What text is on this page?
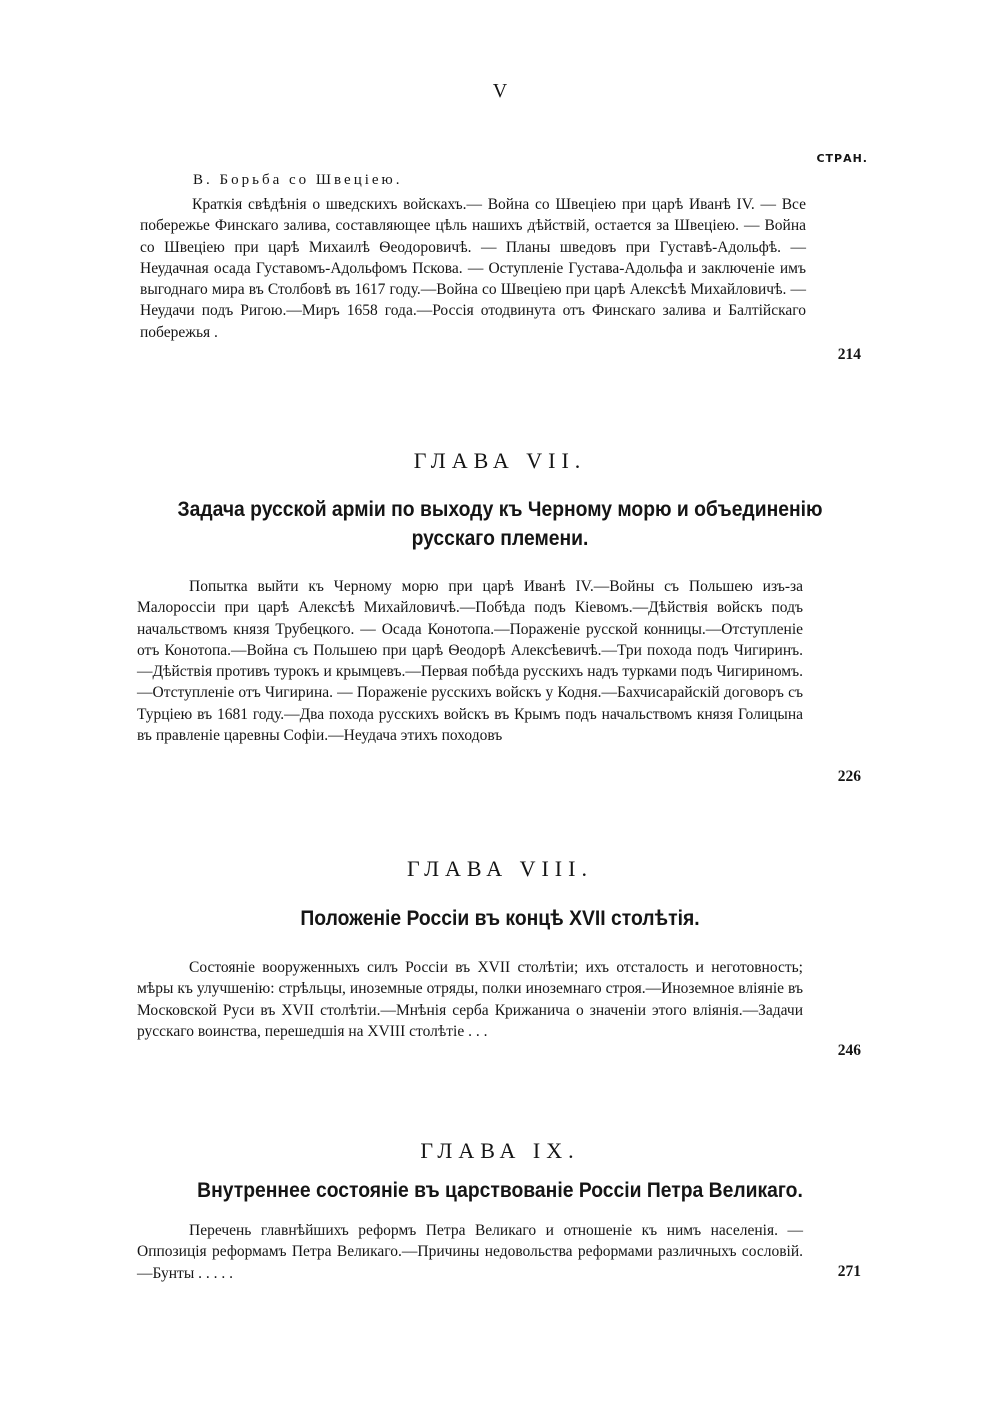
V
СТРАН.
В. Борьба со Швецiею.
Краткiя свѣдѣнiя о шведскихъ войскахъ.— Война со Швецiею при царѣ Иванѣ IV. — Все побережье Финскаго залива, составляющее цѣль нашихъ дѣйствiй, остается за Швецiею. — Война со Швецiею при царѣ Михаилѣ Ѳеодоровичѣ. — Планы шведовъ при Густавѣ-Адольфѣ. — Неудачная осада Густавомъ-Адольфомъ Пскова. — Оступленiе Густава-Адольфа и заключенiе имъ выгоднаго мира въ Столбовѣ въ 1617 году.—Война со Швецiею при царѣ Алексѣѣ Михайловичѣ. —Неудачи подъ Ригою.—Миръ 1658 года.—Россiя отодвинута отъ Финскаго залива и Балтiйскаго побережья .
214
ГЛАВА VII.
Задача русской армiи по выходу къ Черному морю и объединенiю русскаго племени.
Попытка выйти къ Черному морю при царѣ Иванѣ IV.—Войны съ Польшею изъ-за Малороссiи при царѣ Алексѣѣ Михайловичѣ.—Побѣда подъ Кiевомъ.—Дѣйствiя войскъ подъ начальствомъ князя Трубецкого. — Осада Конотопа.—Пораженiе русской конницы.—Отступленiе отъ Конотопа.—Война съ Польшею при царѣ Ѳеодорѣ Алексѣевичѣ.—Три похода подъ Чигиринъ.—Дѣйствiя противъ турокъ и крымцевъ.—Первая побѣда русскихъ надъ турками подъ Чигириномъ.—Отступленiе отъ Чигирина. — Пораженiе русскихъ войскъ у Кодня.—Бахчисарайскiй договоръ съ Турцiею въ 1681 году.—Два похода русскихъ войскъ въ Крымъ подъ начальствомъ князя Голицына въ правленiе царевны Софiи.—Неудача этихъ походовъ
226
ГЛАВА VIII.
Положенiе Россiи въ концѣ XVII столѣтiя.
Состоянiе вооруженныхъ силъ Россiи въ XVII столѣтiи; ихъ отсталость и неготовность; мѣры къ улучшенiю: стрѣльцы, иноземные отряды, полки иноземнаго строя.—Иноземное влiянiе въ Московской Руси въ XVII столѣтiи.—Мнѣнiя серба Крижанича о значенiи этого влiянiя.—Задачи русскаго воинства, перешедшiя на XVIII столѣтiе . . .
246
ГЛАВА IX.
Внутреннее состоянiе въ царствованiе Россiи Петра Великаго.
Перечень главнѣйшихъ реформъ Петра Великаго и отношенiе къ нимъ населенiя. — Оппозицiя реформамъ Петра Великаго.—Причины недовольства реформами различныхъ сословiй.—Бунты . . . . .	271
